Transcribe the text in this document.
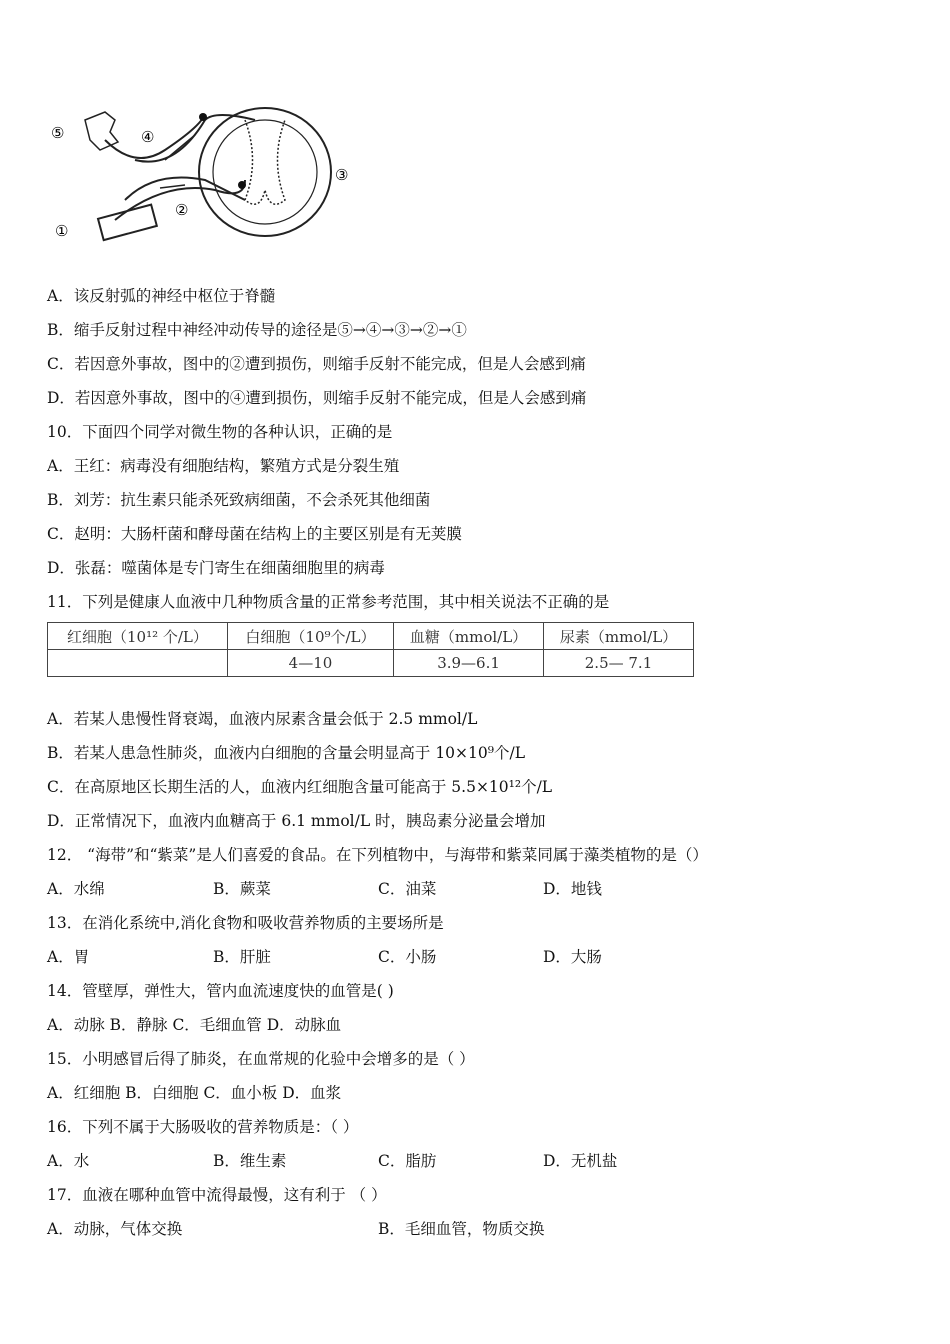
⑤	④
③
②
①
A．该反射弧的神经中枢位于脊髓
B．缩手反射过程中神经冲动传导的途径是⑤→④→③→②→①
C．若因意外事故，图中的②遭到损伤，则缩手反射不能完成，但是人会感到痛
D．若因意外事故，图中的④遭到损伤，则缩手反射不能完成，但是人会感到痛
10．下面四个同学对微生物的各种认识，正确的是
A．王红：病毒没有细胞结构，繁殖方式是分裂生殖
B．刘芳：抗生素只能杀死致病细菌，不会杀死其他细菌
C．赵明：大肠杆菌和酵母菌在结构上的主要区别是有无荚膜
D．张磊：噬菌体是专门寄生在细菌细胞里的病毒
11．下列是健康人血液中几种物质含量的正常参考范围，其中相关说法不正确的是
红细胞（10¹² 个/L）	白细胞（10⁹个/L）	血糖（mmol/L）	尿素（mmol/L）
	4—10	3.9—6.1	2.5— 7.1
A．若某人患慢性肾衰竭，血液内尿素含量会低于 2.5 mmol/L
B．若某人患急性肺炎，血液内白细胞的含量会明显高于 10×10⁹个/L
C．在高原地区长期生活的人，血液内红细胞含量可能高于 5.5×10¹²个/L
D．正常情况下，血液内血糖高于 6.1 mmol/L 时，胰岛素分泌量会增加
12． “海带”和“紫菜”是人们喜爱的食品。在下列植物中，与海带和紫菜同属于藻类植物的是（）
A．水绵	B．蕨菜	C．油菜	D．地钱
13．在消化系统中,消化食物和吸收营养物质的主要场所是
A．胃	B．肝脏	C．小肠	D．大肠
14．管壁厚，弹性大，管内血流速度快的血管是( )
A．动脉 B．静脉 C．毛细血管 D．动脉血
15．小明感冒后得了肺炎，在血常规的化验中会增多的是（ ）
A．红细胞 B．白细胞 C．血小板 D．血浆
16．下列不属于大肠吸收的营养物质是：（ ）
A．水	B．维生素	C．脂肪	D．无机盐
17．血液在哪种血管中流得最慢，这有利于 （ ）
A．动脉，气体交换	B．毛细血管，物质交换
